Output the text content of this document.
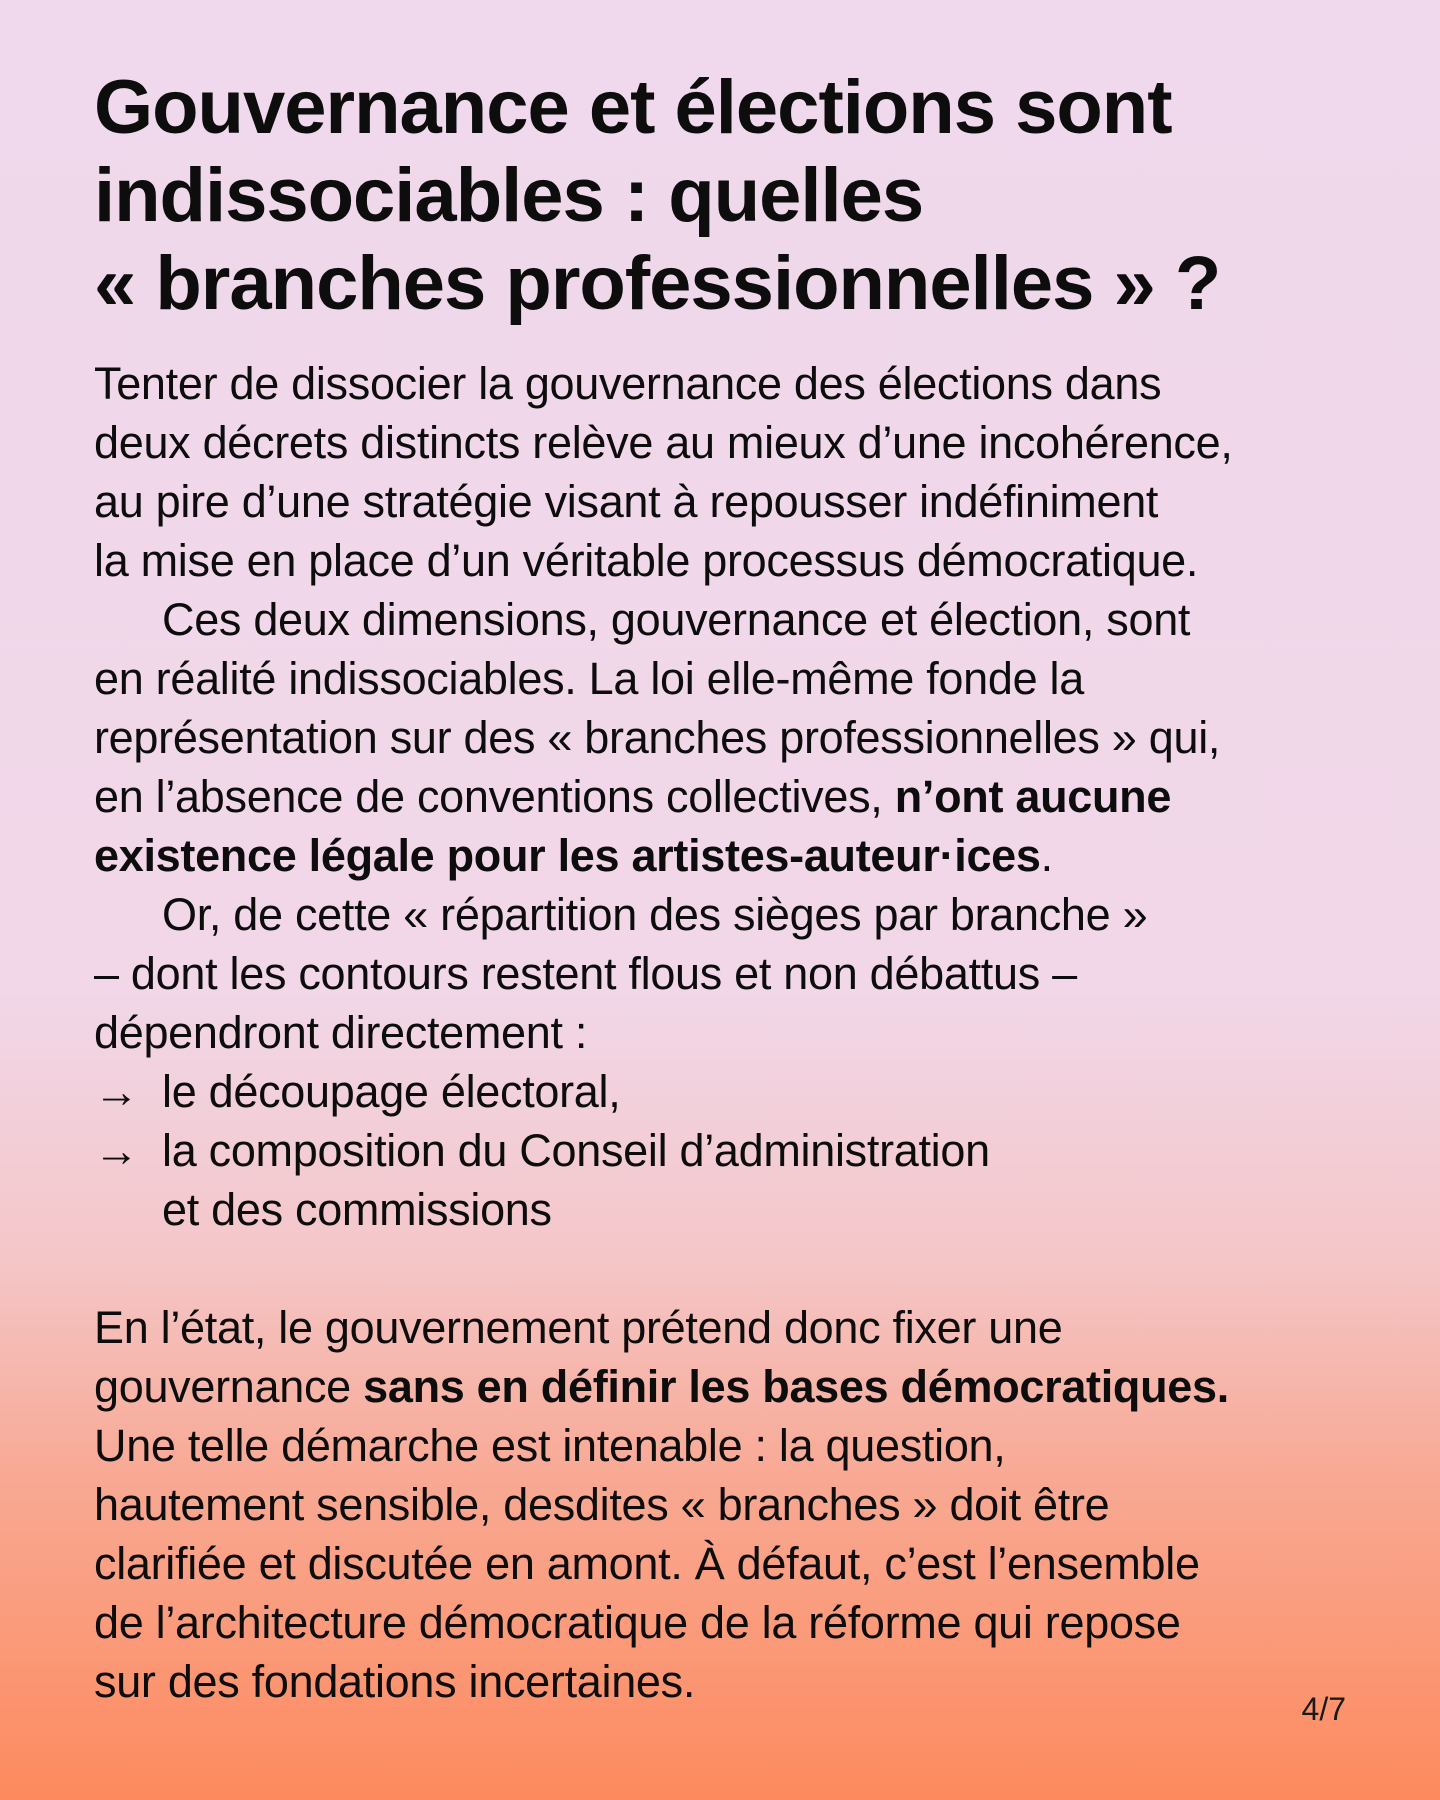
Gouvernance et élections sont
indissociables : quelles
« branches professionnelles » ?
Tenter de dissocier la gouvernance des élections dans
deux décrets distincts relève au mieux d’une incohérence,
au pire d’une stratégie visant à repousser indéfiniment
la mise en place d’un véritable processus démocratique.
Ces deux dimensions, gouvernance et élection, sont
en réalité indissociables. La loi elle-même fonde la
représentation sur des « branches professionnelles » qui,
en l’absence de conventions collectives, n’ont aucune
existence légale pour les artistes-auteur·ices.
Or, de cette « répartition des sièges par branche »
– dont les contours restent flous et non débattus –
dépendront directement :
→ le découpage électoral,
→ la composition du Conseil d’administration
et des commissions
En l’état, le gouvernement prétend donc fixer une
gouvernance sans en définir les bases démocratiques.
Une telle démarche est intenable : la question,
hautement sensible, desdites « branches » doit être
clarifiée et discutée en amont. À défaut, c’est l’ensemble
de l’architecture démocratique de la réforme qui repose
sur des fondations incertaines.
4/7
